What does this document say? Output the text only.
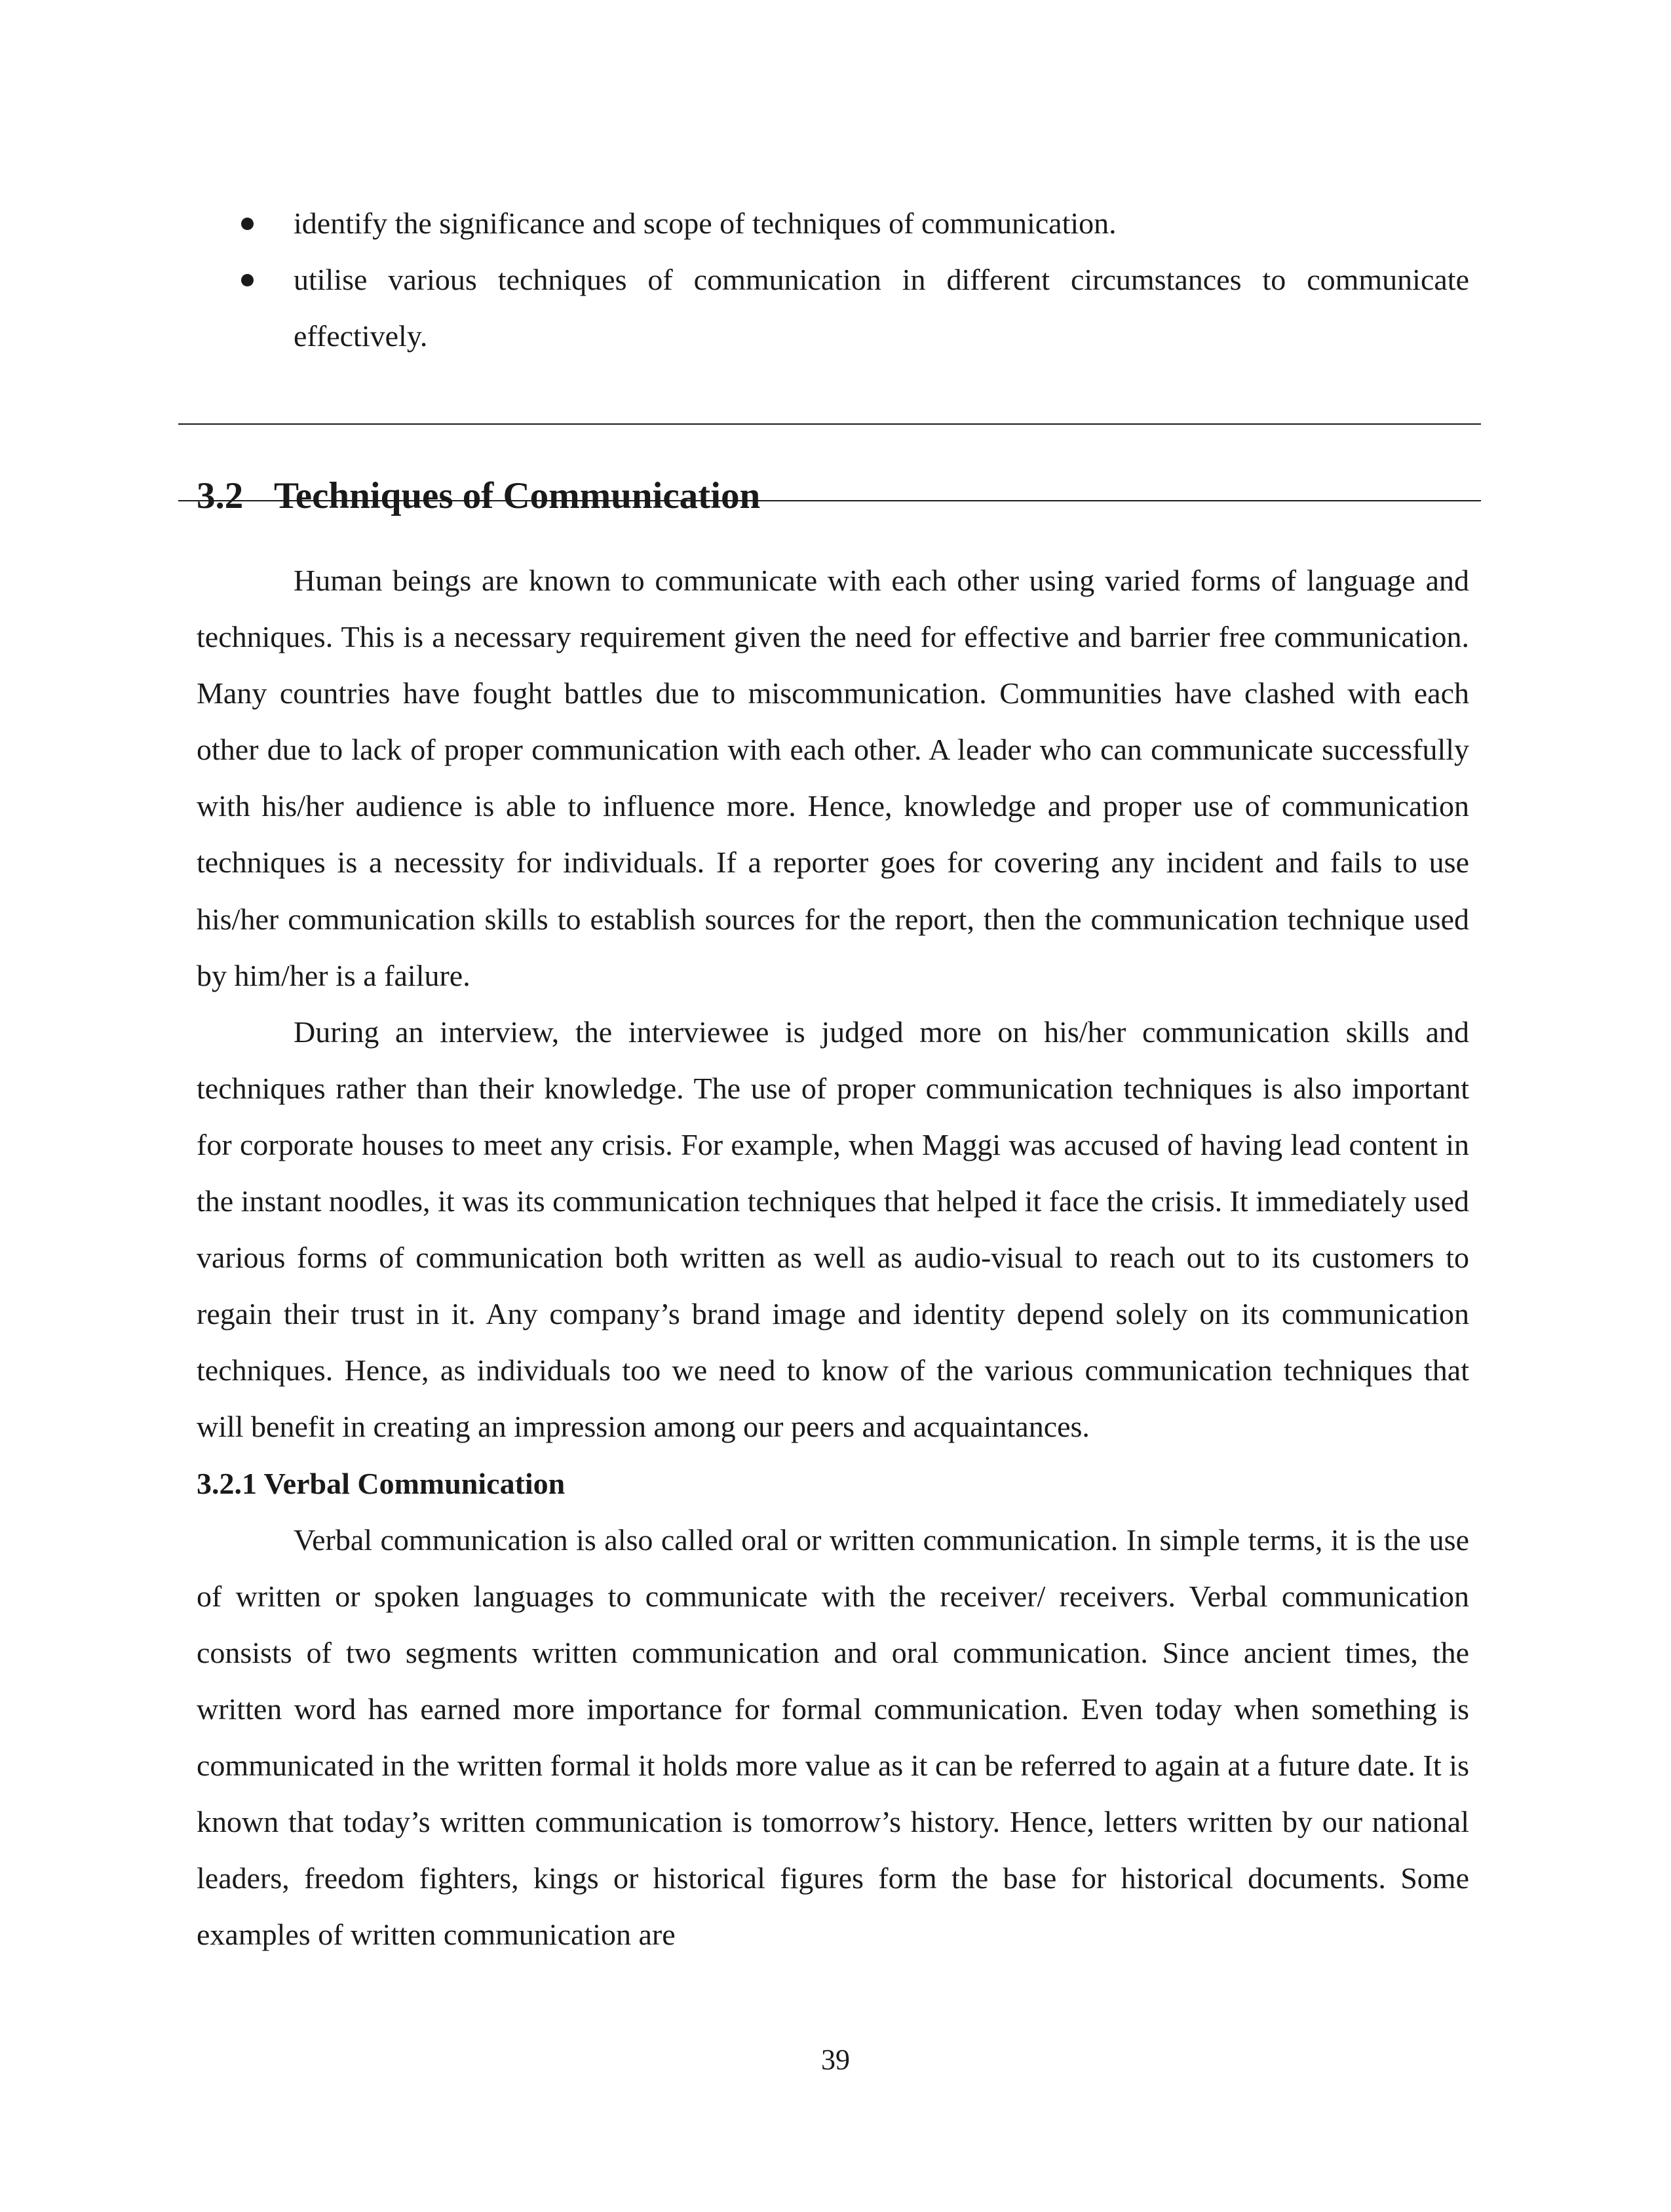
identify the significance and scope of techniques of communication.
utilise various techniques of communication in different circumstances to communicate effectively.
3.2 Techniques of Communication

Human beings are known to communicate with each other using varied forms of language and techniques. This is a necessary requirement given the need for effective and barrier free communication. Many countries have fought battles due to miscommunication. Communities have clashed with each other due to lack of proper communication with each other. A leader who can communicate successfully with his/her audience is able to influence more. Hence, knowledge and proper use of communication techniques is a necessity for individuals. If a reporter goes for covering any incident and fails to use his/her communication skills to establish sources for the report, then the communication technique used by him/her is a failure.

During an interview, the interviewee is judged more on his/her communication skills and techniques rather than their knowledge. The use of proper communication techniques is also important for corporate houses to meet any crisis. For example, when Maggi was accused of having lead content in the instant noodles, it was its communication techniques that helped it face the crisis. It immediately used various forms of communication both written as well as audio-visual to reach out to its customers to regain their trust in it. Any company’s brand image and identity depend solely on its communication techniques. Hence, as individuals too we need to know of the various communication techniques that will benefit in creating an impression among our peers and acquaintances.

3.2.1 Verbal Communication

Verbal communication is also called oral or written communication. In simple terms, it is the use of written or spoken languages to communicate with the receiver/ receivers. Verbal communication consists of two segments written communication and oral communication. Since ancient times, the written word has earned more importance for formal communication. Even today when something is communicated in the written formal it holds more value as it can be referred to again at a future date. It is known that today’s written communication is tomorrow’s history. Hence, letters written by our national leaders, freedom fighters, kings or historical figures form the base for historical documents. Some examples of written communication are

39
